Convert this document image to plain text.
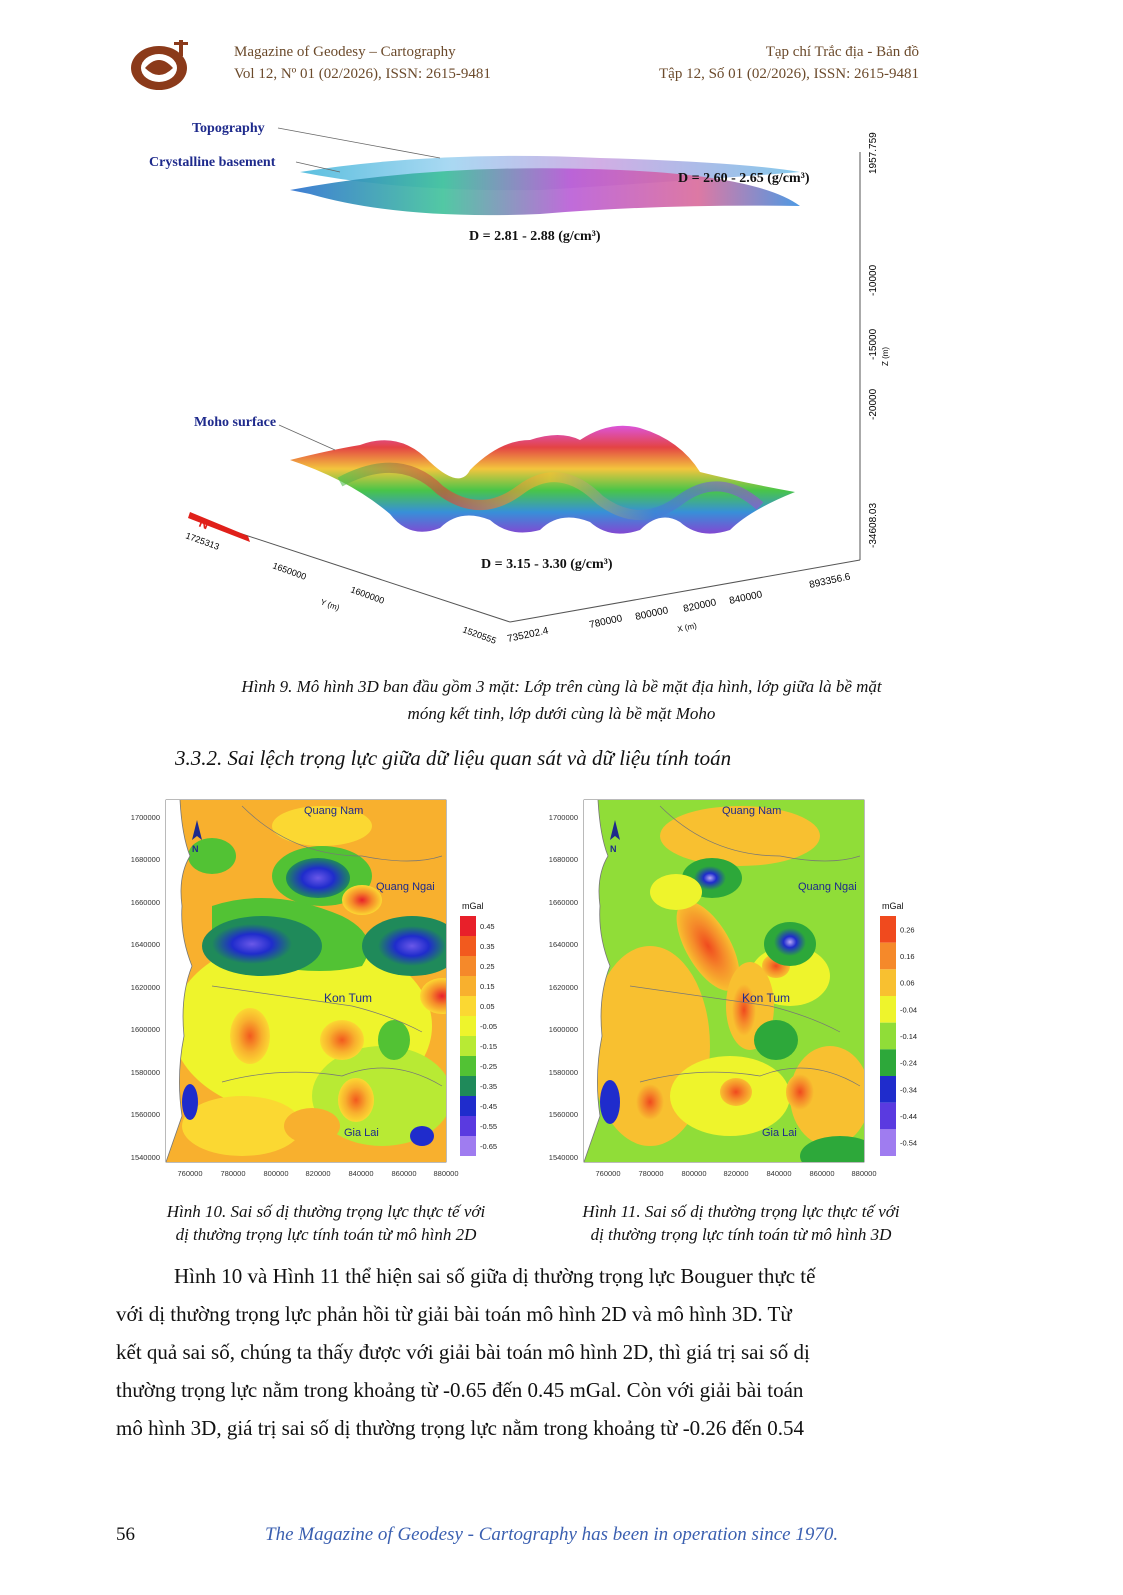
Magazine of Geodesy – Cartography
Vol 12, Nº 01 (02/2026), ISSN: 2615-9481
Tạp chí Trắc địa - Bản đồ
Tập 12, Số 01 (02/2026), ISSN: 2615-9481
N
Topography
Crystalline basement
Moho surface
D = 2.60 - 2.65 (g/cm³)
D = 2.81 - 2.88 (g/cm³)
D = 3.15 - 3.30 (g/cm³)
1957.759
-10000
-15000 Z (m)
-20000
-34608.03
735202.4
780000 800000 820000 840000
X (m)
893356.6
1725313
1650000
Y (m) 1600000
1520555
Hình 9. Mô hình 3D ban đầu gồm 3 mặt: Lớp trên cùng là bề mặt địa hình, lớp giữa là bề mặt
móng kết tinh, lớp dưới cùng là bề mặt Moho
3.3.2. Sai lệch trọng lực giữa dữ liệu quan sát và dữ liệu tính toán
N
Quang Nam
Quang Ngai
Kon Tum
Gia Lai
1700000
1680000
1660000
1640000
1620000
1600000
1580000
1560000
1540000
760000 780000 800000 820000 840000 860000 880000
mGal
0.45
0.35
0.25
0.15
0.05
-0.05
-0.15
-0.25
-0.35
-0.45
-0.55
-0.65
N
Quang Nam
Quang Ngai
Kon Tum
Gia Lai
1700000
1680000
1660000
1640000
1620000
1600000
1580000
1560000
1540000
760000 780000 800000 820000 840000 860000 880000
mGal
0.26
0.16
0.06
-0.04
-0.14
-0.24
-0.34
-0.44
-0.54
Hình 10. Sai số dị thường trọng lực thực tế với
dị thường trọng lực tính toán từ mô hình 2D
Hình 11. Sai số dị thường trọng lực thực tế với
dị thường trọng lực tính toán từ mô hình 3D
Hình 10 và Hình 11 thể hiện sai số giữa dị thường trọng lực Bouguer thực tế
với dị thường trọng lực phản hồi từ giải bài toán mô hình 2D và mô hình 3D. Từ
kết quả sai số, chúng ta thấy được với giải bài toán mô hình 2D, thì giá trị sai số dị
thường trọng lực nằm trong khoảng từ -0.65 đến 0.45 mGal. Còn với giải bài toán
mô hình 3D, giá trị sai số dị thường trọng lực nằm trong khoảng từ -0.26 đến 0.54
56	The Magazine of Geodesy - Cartography has been in operation since 1970.
